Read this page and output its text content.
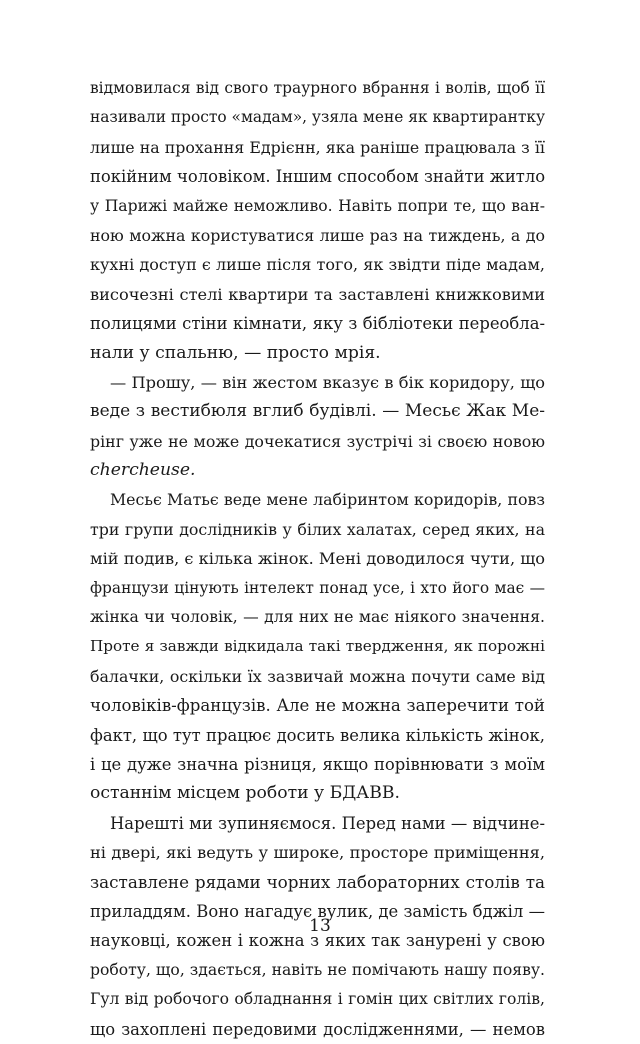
відмовилася від свого траурного вбрання і волів, щоб її
називали просто «мадам», узяла мене як квартирантку
лише на прохання Едрієнн, яка раніше працювала з її
покійним чоловіком. Іншим способом знайти житло
у Парижі майже неможливо. Навіть попри те, що ван-
ною можна користуватися лише раз на тиждень, а до
кухні доступ є лише після того, як звідти піде мадам,
височезні стелі квартири та заставлені книжковими
полицями стіни кімнати, яку з бібліотеки переобла-
нали у спальню, — просто мрія.
— Прошу, — він жестом вказує в бік коридору, що
веде з вестибюля вглиб будівлі. — Месьє Жак Ме-
рінг уже не може дочекатися зустрічі зі своєю новою
chercheuse.
Месьє Матьє веде мене лабіринтом коридорів, повз
три групи дослідників у білих халатах, серед яких, на
мій подив, є кілька жінок. Мені доводилося чути, що
французи цінують інтелект понад усе, і хто його має —
жінка чи чоловік, — для них не має ніякого значення.
Проте я завжди відкидала такі твердження, як порожні
балачки, оскільки їх зазвичай можна почути саме від
чоловіків-французів. Але не можна заперечити той
факт, що тут працює досить велика кількість жінок,
і це дуже значна різниця, якщо порівнювати з моїм
останнім місцем роботи у БДАВВ.
Нарешті ми зупиняємося. Перед нами — відчине-
ні двері, які ведуть у широке, просторе приміщення,
заставлене рядами чорних лабораторних столів та
приладдям. Воно нагадує вулик, де замість бджіл —
науковці, кожен і кожна з яких так занурені у свою
роботу, що, здається, навіть не помічають нашу появу.
Гул від робочого обладнання і гомін цих світлих голів,
що захоплені передовими дослідженнями, — немов
13
